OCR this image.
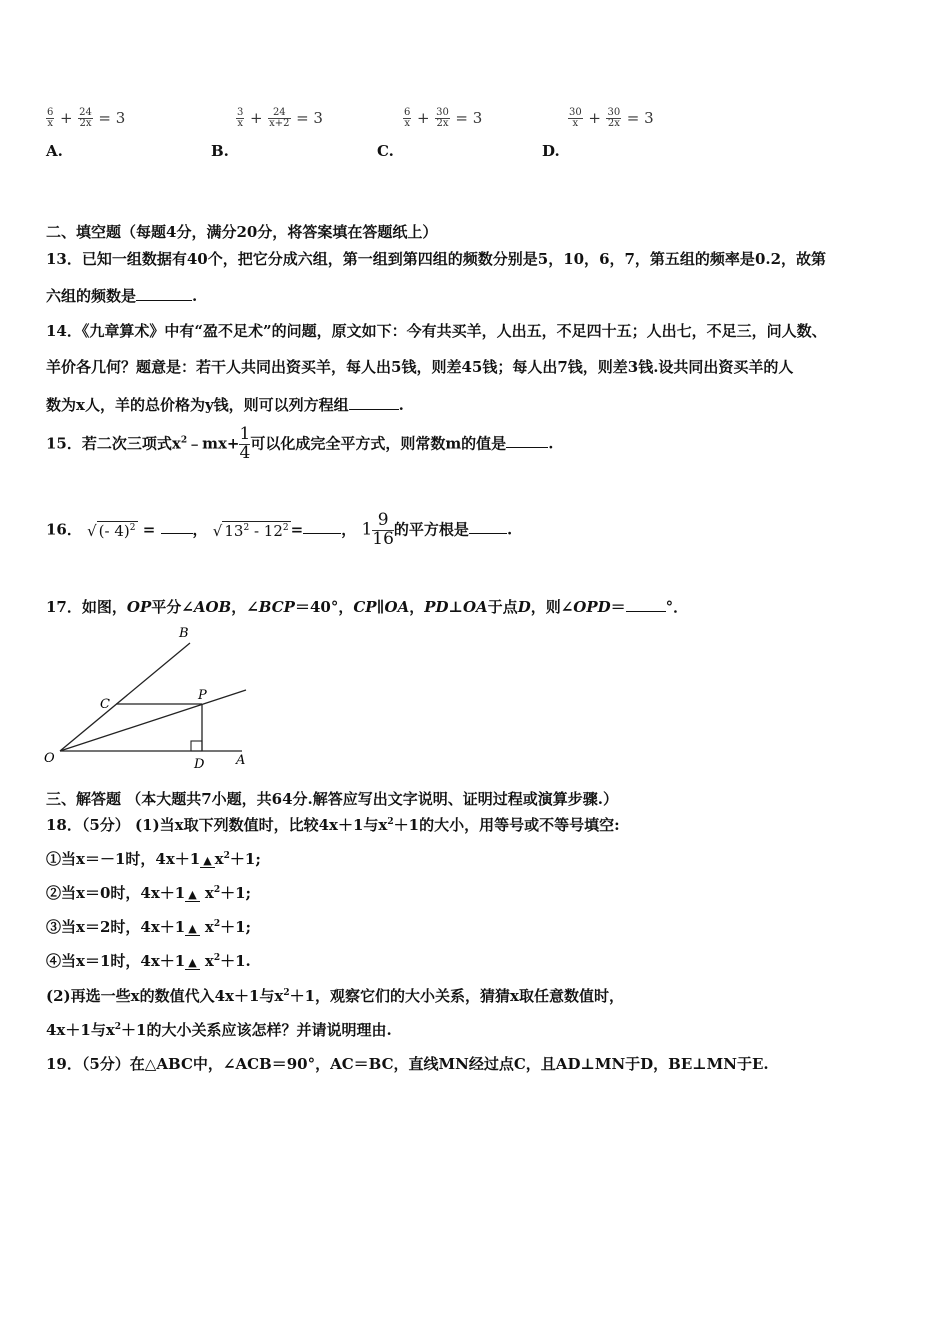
$\frac{6}{x} + \frac{24}{2x} = 3$
A.
$\frac{3}{x} + \frac{24}{x+2} = 3$
B.
$\frac{6}{x} + \frac{30}{2x} = 3$
C.
$\frac{30}{x} + \frac{30}{2x} = 3$
D.
二、填空题（每题4分，满分20分，将答案填在答题纸上）
13．已知一组数据有40个，把它分成六组，第一组到第四组的频数分别是5，10，6，7，第五组的频率是0.2，故第
六组的频数是	.
14．《九章算术》中有“盈不足术”的问题，原文如下：今有共买羊，人出五，不足四十五；人出七，不足三，问人数、
羊价各几何？题意是：若干人共同出资买羊，每人出5钱，则差45钱；每人出7钱，则差3钱.设共同出资买羊的人
数为x人，羊的总价格为y钱，则可以列方程组	.
15．若二次三项式$x^2﹣mx+ \frac{1}{4}$ 可以化成完全平方式，则常数m的值是	.
16． √ (- 4)$^2$ = ， √ $13^2 - 12^2$ =	， $1 \frac{9}{16}$ 的平方根是	.
17．如图，OP平分∠AOB，∠BCP＝40°，CP∥OA，PD⊥OA于点D，则∠OPD＝	°．
B
C
P
O	D A
三、解答题 （本大题共7小题，共64分.解答应写出文字说明、证明过程或演算步骤.）
18．（5分） (1)当x取下列数值时，比较4x＋1与$x^2+1$的大小，用等号或不等号填空:
①当x＝－1时，4x＋1 ▲ $x^2+1$;
②当x＝0时，4x＋1 ▲ $x^2+1$;
③当x＝2时，4x＋1 ▲ $x^2+1$;
④当x＝1时，4x＋1 ▲ $x^2+1$.
(2)再选一些x的数值代入4x＋1与$x^2+1$，观察它们的大小关系，猜猜x取任意数值时，
4x＋1与$x^2+1$的大小关系应该怎样？并请说明理由.
19．（5分）在△ABC中，∠ACB＝90°，AC＝BC，直线MN经过点C，且AD⊥MN于D，BE⊥MN于E.
